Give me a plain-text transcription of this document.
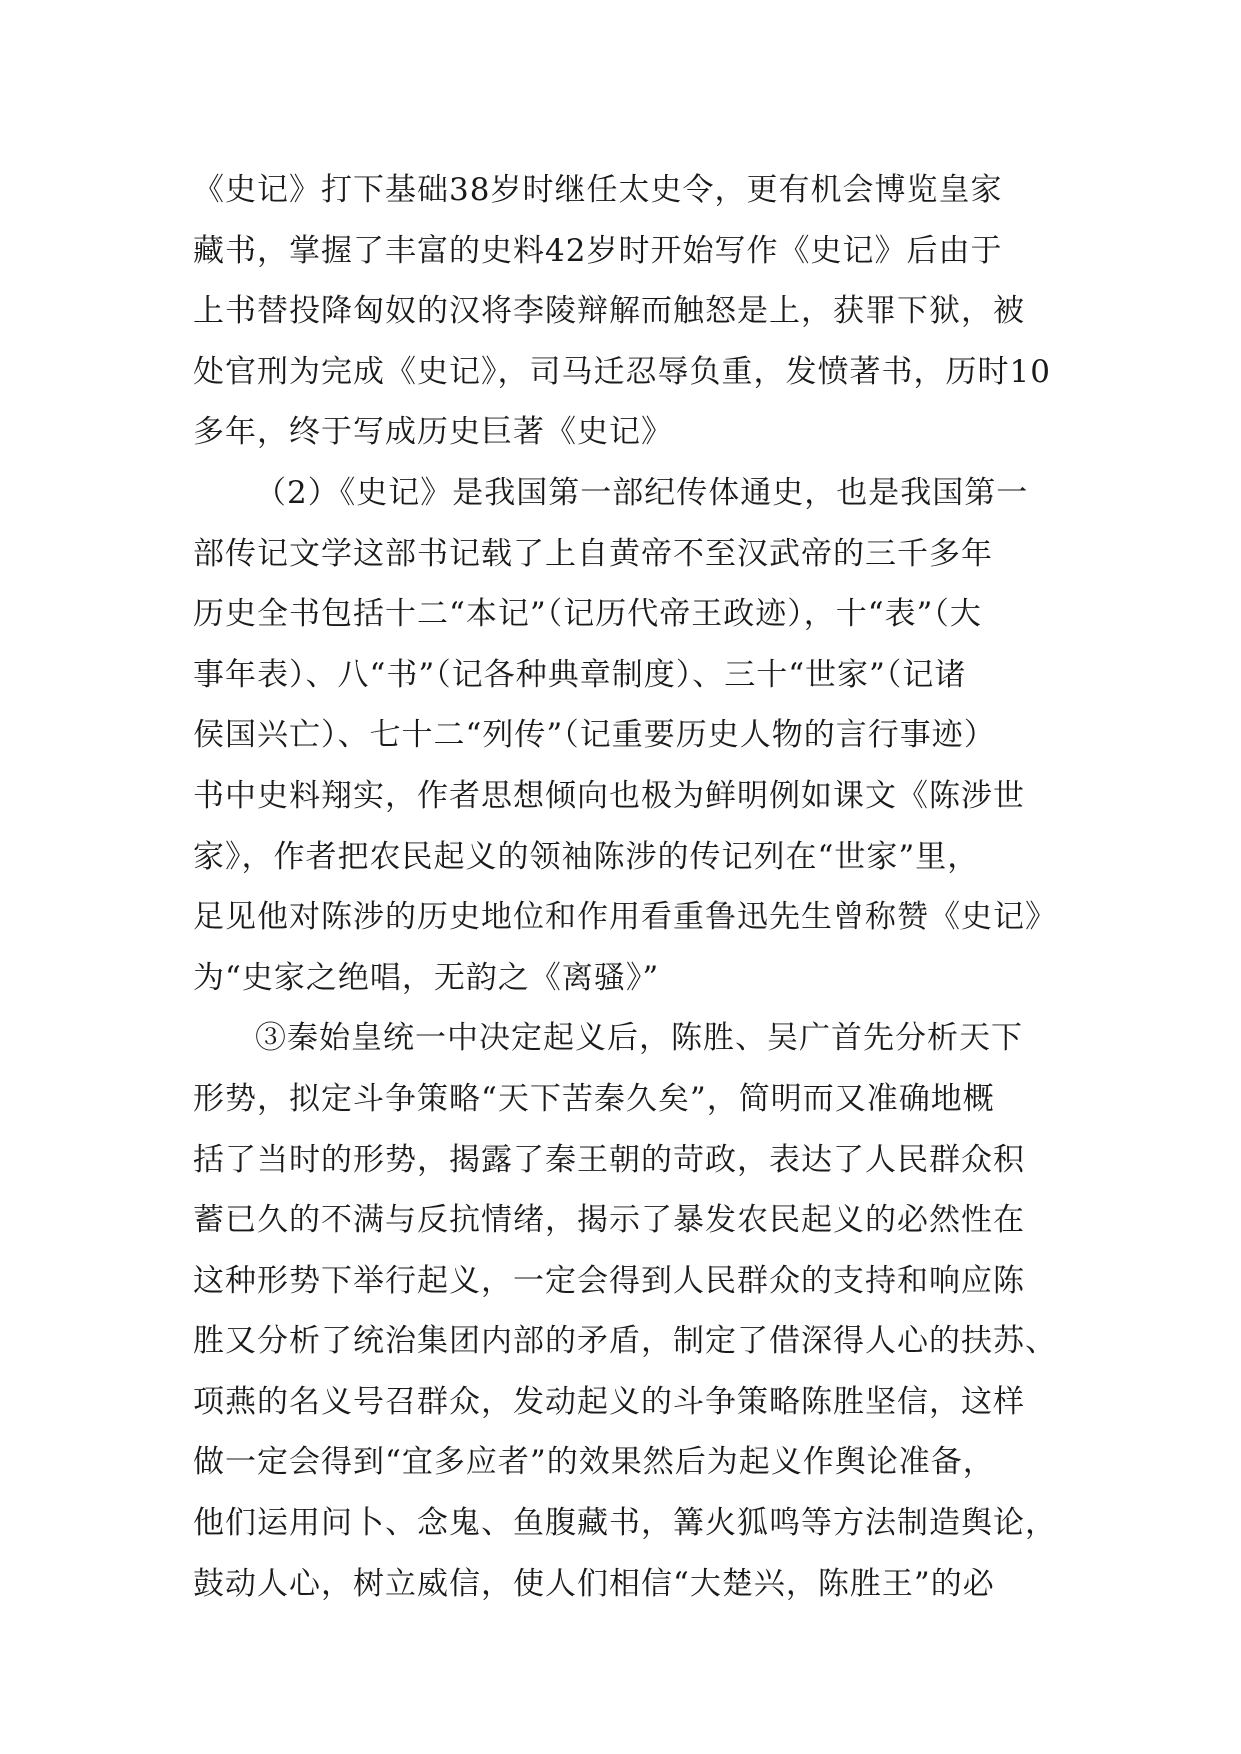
《史记》打下基础38岁时继任太史令，更有机会博览皇家
藏书，掌握了丰富的史料42岁时开始写作《史记》后由于
上书替投降匈奴的汉将李陵辩解而触怒是上，获罪下狱，被
处官刑为完成《史记》，司马迁忍辱负重，发愤著书，历时10
多年，终于写成历史巨著《史记》
（2）《史记》是我国第一部纪传体通史，也是我国第一
部传记文学这部书记载了上自黄帝不至汉武帝的三千多年
历史全书包括十二“本记”（记历代帝王政迹），十“表”（大
事年表）、八“书”（记各种典章制度）、三十“世家”（记诸
侯国兴亡）、七十二“列传”（记重要历史人物的言行事迹）
书中史料翔实，作者思想倾向也极为鲜明例如课文《陈涉世
家》，作者把农民起义的领袖陈涉的传记列在“世家”里，
足见他对陈涉的历史地位和作用看重鲁迅先生曾称赞《史记》
为“史家之绝唱，无韵之《离骚》”
③秦始皇统一中决定起义后，陈胜、吴广首先分析天下
形势，拟定斗争策略“天下苦秦久矣”，简明而又准确地概
括了当时的形势，揭露了秦王朝的苛政，表达了人民群众积
蓄已久的不满与反抗情绪，揭示了暴发农民起义的必然性在
这种形势下举行起义，一定会得到人民群众的支持和响应陈
胜又分析了统治集团内部的矛盾，制定了借深得人心的扶苏、
项燕的名义号召群众，发动起义的斗争策略陈胜坚信，这样
做一定会得到“宜多应者”的效果然后为起义作舆论准备，
他们运用问卜、念鬼、鱼腹藏书，篝火狐鸣等方法制造舆论，
鼓动人心，树立威信，使人们相信“大楚兴，陈胜王”的必
